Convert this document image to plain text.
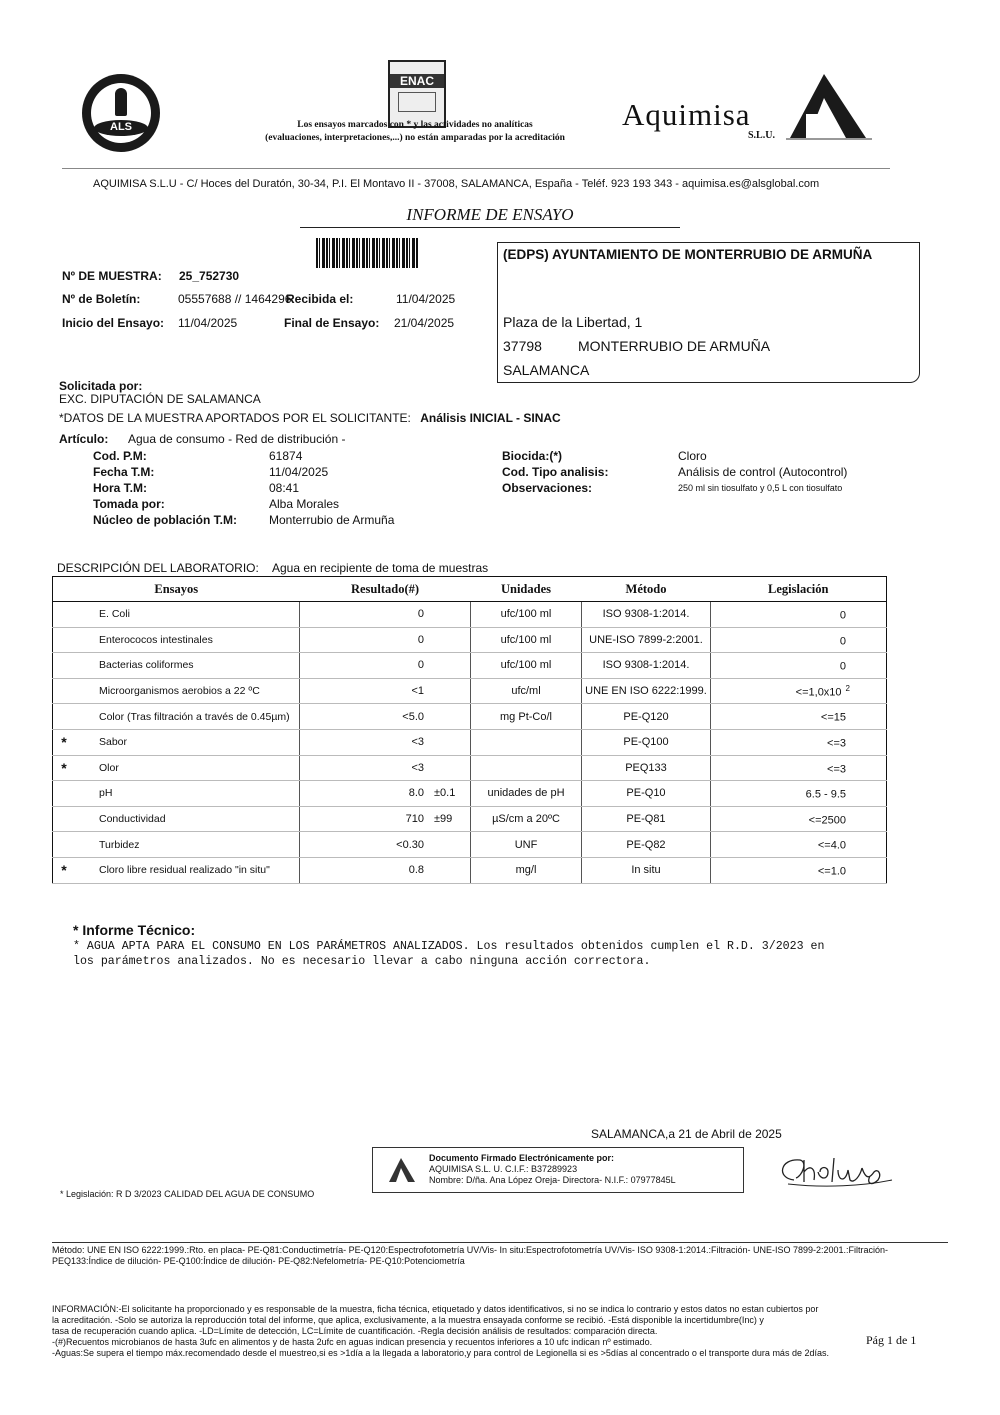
ALS
ENAC
Los ensayos marcados con * y las actividades no analíticas
(evaluaciones, interpretaciones,...) no están amparadas por la acreditación
Aquimisa
S.L.U.
AQUIMISA S.L.U - C/ Hoces del Duratón, 30-34, P.I. El Montavo II - 37008, SALAMANCA, España - Teléf. 923 193 343 - aquimisa.es@alsglobal.com
INFORME DE ENSAYO
Nº DE MUESTRA: 25_752730
Nº de Boletín:	05557688 // 1464296
Recibida el:	11/04/2025
Inicio del Ensayo: 11/04/2025	Final de Ensayo: 21/04/2025
(EDPS) AYUNTAMIENTO DE MONTERRUBIO DE ARMUÑA
Plaza de la Libertad, 1
37798	MONTERRUBIO DE ARMUÑA
SALAMANCA
Solicitada por:
EXC. DIPUTACIÓN DE SALAMANCA
*DATOS DE LA MUESTRA APORTADOS POR EL SOLICITANTE: Análisis INICIAL - SINAC
Artículo: Agua de consumo - Red de distribución -
Cod. P.M:	61874
Fecha T.M:	11/04/2025
Hora T.M:	08:41
Tomada por:	Alba Morales
Núcleo de población T.M:	Monterrubio de Armuña
Biocida:(*)	Cloro
Cod. Tipo analisis:	Análisis de control (Autocontrol)
Observaciones:	250 ml sin tiosulfato y 0,5 L con tiosulfato
DESCRIPCIÓN DEL LABORATORIO: Agua en recipiente de toma de muestras
Ensayos		Resultado(#)		Unidades	Método	Legislación
	E. Coli	0		ufc/100 ml	ISO 9308-1:2014.	0
	Enterococos intestinales	0		ufc/100 ml	UNE-ISO 7899-2:2001.	0
	Bacterias coliformes	0		ufc/100 ml	ISO 9308-1:2014.	0
	Microorganismos aerobios a 22 ºC	<1		ufc/ml	UNE EN ISO 6222:1999.	<=1,0x10 $^2$
	Color (Tras filtración a través de 0.45µm)	<5.0		mg Pt-Co/l	PE-Q120	<=15
*	Sabor	<3			PE-Q100	<=3
*	Olor	<3			PEQ133	<=3
	pH	8.0	±0.1	unidades de pH	PE-Q10	6.5 - 9.5
	Conductividad	710	±99	µS/cm a 20ºC	PE-Q81	<=2500
	Turbidez	<0.30		UNF	PE-Q82	<=4.0
*	Cloro libre residual realizado "in situ"	0.8		mg/l	In situ	<=1.0
* Informe Técnico:
* AGUA APTA PARA EL CONSUMO EN LOS PARÁMETROS ANALIZADOS. Los resultados obtenidos cumplen el R.D. 3/2023 en
los parámetros analizados. No es necesario llevar a cabo ninguna acción correctora.
SALAMANCA,a 21 de Abril de 2025
Documento Firmado Electrónicamente por:
AQUIMISA S.L. U. C.I.F.: B37289923
Nombre: D/ña. Ana López Oreja- Directora- N.I.F.: 07977845L
* Legislación: R D 3/2023 CALIDAD DEL AGUA DE CONSUMO
Método: UNE EN ISO 6222:1999.:Rto. en placa- PE-Q81:Conductimetría- PE-Q120:Espectrofotometría UV/Vis- In situ:Espectrofotometría UV/Vis- ISO 9308-1:2014.:Filtración- UNE-ISO 7899-2:2001.:Filtración-
PEQ133:Índice de dilución- PE-Q100:Índice de dilución- PE-Q82:Nefelometría- PE-Q10:Potenciometría
INFORMACIÓN:-El solicitante ha proporcionado y es responsable de la muestra, ficha técnica, etiquetado y datos identificativos, si no se indica lo contrario y estos datos no estan cubiertos por
la acreditación. -Solo se autoriza la reproducción total del informe, que aplica, exclusivamente, a la muestra ensayada conforme se recibió. -Está disponible la incertidumbre(Inc) y
tasa de recuperación cuando aplica. -LD=Límite de detección, LC=Límite de cuantificación. -Regla decisión análisis de resultados: comparación directa.
-(#)Recuentos microbianos de hasta 3ufc en alimentos y de hasta 2ufc en aguas indican presencia y recuentos inferiores a 10 ufc indican nº estimado.
-Aguas:Se supera el tiempo máx.recomendado desde el muestreo,si es >1día a la llegada a laboratorio,y para control de Legionella si es >5días al concentrado o el transporte dura más de 2días.
Pág 1 de 1
